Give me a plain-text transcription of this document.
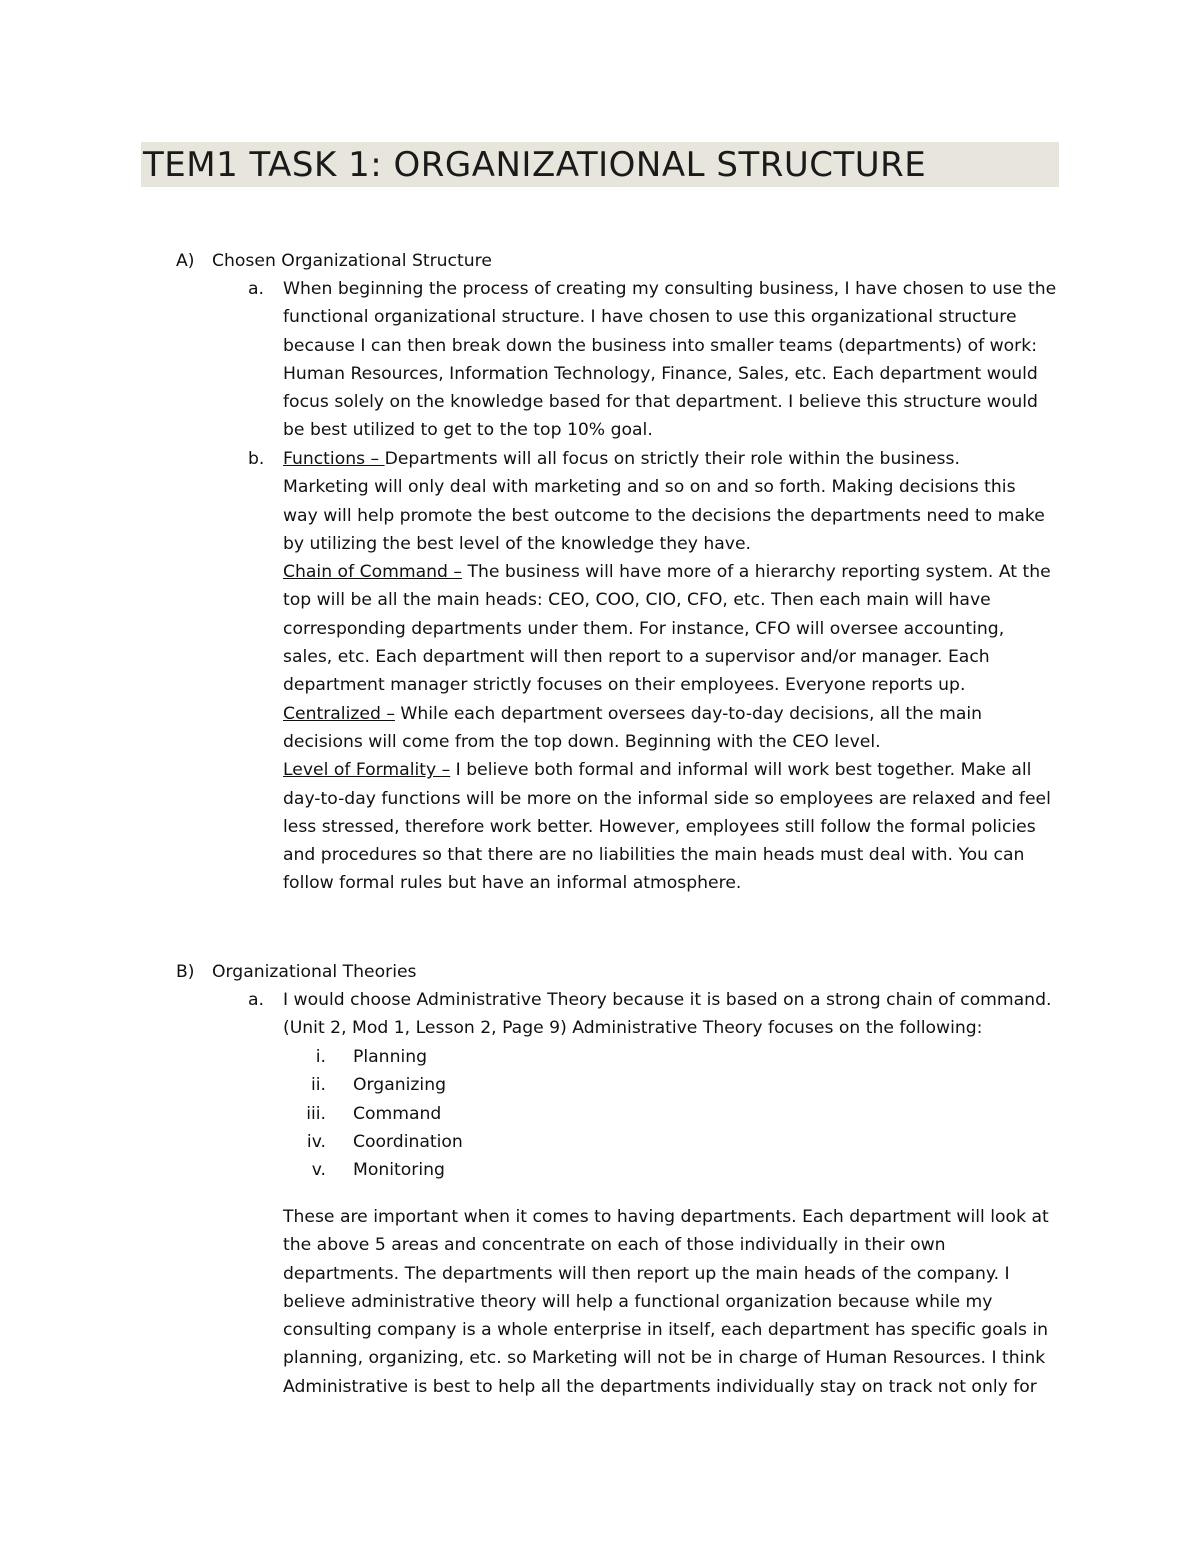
TEM1 TASK 1: ORGANIZATIONAL STRUCTURE
A) Chosen Organizational Structure
a. When beginning the process of creating my consulting business, I have chosen to use the
functional organizational structure. I have chosen to use this organizational structure
because I can then break down the business into smaller teams (departments) of work:
Human Resources, Information Technology, Finance, Sales, etc. Each department would
focus solely on the knowledge based for that department. I believe this structure would
be best utilized to get to the top 10% goal.
b. Functions – Departments will all focus on strictly their role within the business.
Marketing will only deal with marketing and so on and so forth. Making decisions this
way will help promote the best outcome to the decisions the departments need to make
by utilizing the best level of the knowledge they have.
Chain of Command – The business will have more of a hierarchy reporting system. At the
top will be all the main heads: CEO, COO, CIO, CFO, etc. Then each main will have
corresponding departments under them. For instance, CFO will oversee accounting,
sales, etc. Each department will then report to a supervisor and/or manager. Each
department manager strictly focuses on their employees. Everyone reports up.
Centralized – While each department oversees day-to-day decisions, all the main
decisions will come from the top down. Beginning with the CEO level.
Level of Formality – I believe both formal and informal will work best together. Make all
day-to-day functions will be more on the informal side so employees are relaxed and feel
less stressed, therefore work better. However, employees still follow the formal policies
and procedures so that there are no liabilities the main heads must deal with. You can
follow formal rules but have an informal atmosphere.
B) Organizational Theories
a. I would choose Administrative Theory because it is based on a strong chain of command.
(Unit 2, Mod 1, Lesson 2, Page 9) Administrative Theory focuses on the following:
i. Planning
ii. Organizing
iii. Command
iv. Coordination
v. Monitoring
These are important when it comes to having departments. Each department will look at
the above 5 areas and concentrate on each of those individually in their own
departments. The departments will then report up the main heads of the company. I
believe administrative theory will help a functional organization because while my
consulting company is a whole enterprise in itself, each department has specific goals in
planning, organizing, etc. so Marketing will not be in charge of Human Resources. I think
Administrative is best to help all the departments individually stay on track not only for
